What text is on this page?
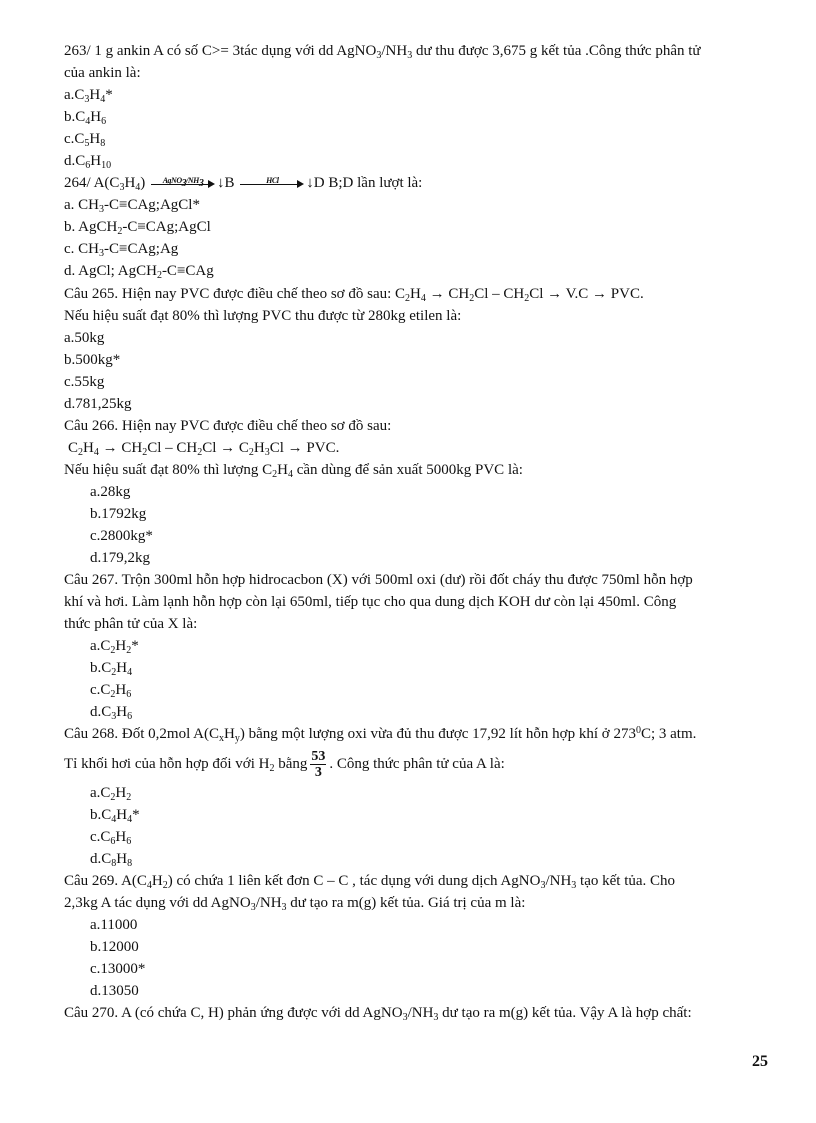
263/ 1 g ankin A có số C>= 3tác dụng với dd $AgNO_3/NH_3$ dư thu được 3,675 g kết tủa .Công thức phân tử
của ankin là:
$a.C_3H_4*$
$b.C_4H_6$
$c.C_5H_8$
$d.C_6H_{10}$
264/ $A(C_3H_4)$	$AgNO_3/NH_3$ ↓B	HCl	↓D B;D lần lượt là:
a. $CH_3-C\equiv CAg;AgCl*$
b. AgCH$_2$-C≡CAg;AgCl
c. $CH_3-C\equiv CAg;Ag$
d. AgCl; AgCH$_2$-C≡CAg
Câu 265. Hiện nay PVC được điều chế theo sơ đồ sau: $C_2H_4 \to CH_2Cl - CH_2Cl \to V.C$ → PVC.
Nếu hiệu suất đạt 80% thì lượng PVC thu được từ 280kg etilen là:
a.50kg
b.500kg*
c.55kg
d.781,25kg
Câu 266. Hiện nay PVC được điều chế theo sơ đồ sau:
$C_2H_4 \to CH_2Cl - CH_2Cl \to C_2H_3Cl$ → PVC.
Nếu hiệu suất đạt 80% thì lượng $C_2H_4$ cần dùng để sản xuất 5000kg PVC là:
a.28kg
b.1792kg
c.2800kg*
d.179,2kg
Câu 267. Trộn 300ml hỗn hợp hidrocacbon (X) với 500ml oxi (dư) rồi đốt cháy thu được 750ml hỗn hợp
khí và hơi. Làm lạnh hỗn hợp còn lại 650ml, tiếp tục cho qua dung dịch KOH dư còn lại 450ml. Công
thức phân tử của X là:
$a.C_2H_2*$
$b.C_2H_4$
$c.C_2H_6$
$d.C_3H_6$
Câu 268. Đốt 0,2mol $A(C_xH_y)$ bằng một lượng oxi vừa đủ thu được 17,92 lít hỗn hợp khí ở $273^0C$; 3 atm.
Tỉ khối hơi của hỗn hợp đối với $H_2$ bằng $\frac{53}{3}$ . Công thức phân tử của A là:
$a.C_2H_2$
$b.C_4H_4*$
$c.C_6H_6$
$d.C_8H_8$
Câu 269. $A(C_4H_2)$ có chứa 1 liên kết đơn C – C , tác dụng với dung dịch $AgNO_3/NH_3$ tạo kết tủa. Cho
2,3kg A tác dụng với dd $AgNO_3/NH_3$ dư tạo ra m(g) kết tủa. Giá trị của m là:
a.11000
b.12000
c.13000*
d.13050
Câu 270. A (có chứa C, H) phản ứng được với dd $AgNO_3/NH_3$ dư tạo ra m(g) kết tủa. Vậy A là hợp chất:
25
